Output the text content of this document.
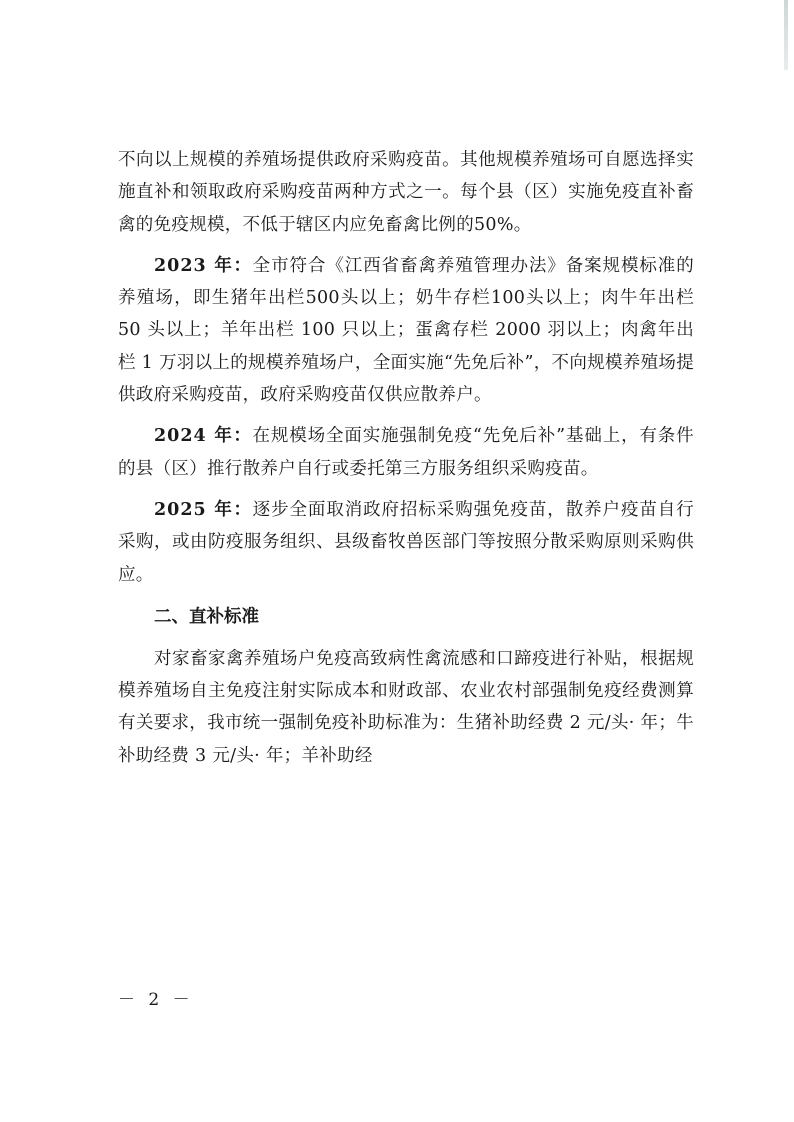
不向以上规模的养殖场提供政府采购疫苗。其他规模养殖场可自愿选择实施直补和领取政府采购疫苗两种方式之一。每个县（区）实施免疫直补畜禽的免疫规模，不低于辖区内应免畜禽比例的50%。

2023 年：全市符合《江西省畜禽养殖管理办法》备案规模标准的养殖场，即生猪年出栏500头以上；奶牛存栏100头以上；肉牛年出栏 50 头以上；羊年出栏 100 只以上；蛋禽存栏 2000 羽以上；肉禽年出栏 1 万羽以上的规模养殖场户，全面实施“先免后补”，不向规模养殖场提供政府采购疫苗，政府采购疫苗仅供应散养户。

2024 年：在规模场全面实施强制免疫“先免后补”基础上，有条件的县（区）推行散养户自行或委托第三方服务组织采购疫苗。

2025 年：逐步全面取消政府招标采购强免疫苗，散养户疫苗自行采购，或由防疫服务组织、县级畜牧兽医部门等按照分散采购原则采购供应。

二、直补标准

对家畜家禽养殖场户免疫高致病性禽流感和口蹄疫进行补贴，根据规模养殖场自主免疫注射实际成本和财政部、农业农村部强制免疫经费测算有关要求，我市统一强制免疫补助标准为：生猪补助经费 2 元/头· 年；牛补助经费 3 元/头· 年；羊补助经

－ 2 －
